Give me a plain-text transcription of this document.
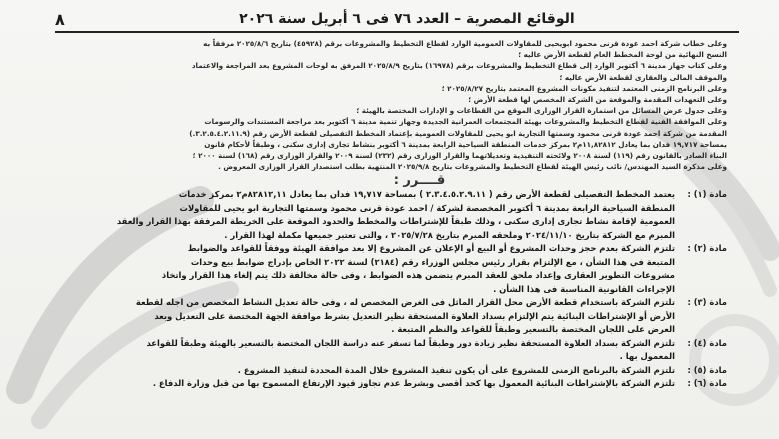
٨	الوقائع المصرية – العدد ٧٦ فى ٦ أبريل سنة ٢٠٢٦
وعلى خطاب شركة احمد عودة قرنى محمود ابويحيى للمقاولات العمومية الوارد لقطاع التخطيط والمشروعات برقم (٤٥٩٢٨) بتاريخ ٢٠٢٥/٨/٦ مرفقاً به
النسخ النهائية من لوحة المخطط العام لقطعة الأرض عاليه ؛
وعلى كتاب جهاز مدينة ٦ أكتوبر الوارد إلى قطاع التخطيط والمشروعات برقم (١٦٩٧٨) بتاريخ ٢٠٢٥/٨/٩ المرفق به لوحات المشروع بعد المراجعة والاعتماد
والموقف المالى والعقارى لقطعة الأرض عاليه ؛
وعلى البرنامج الزمنى المعتمد لتنفيذ مكونات المشروع المعتمد بتاريخ ٢٠٢٥/٨/٢٧ ؛
وعلى التعهدات المقدمة والموقعة من الشركة المخصص لها قطعة الأرض ؛
وعلى جدول عرض المسائل من استمارة القرار الوزارى الموقع من القطاعات و الإدارات المختصة بالهيئة ؛
وعلى الموافقة الفنية لقطاع التخطيط والمشروعات بهيئة المجتمعات العمرانية الجديدة وجهاز تنمية مدينة ٦ أكتوبر بعد مراجعة المستندات والرسومات
المقدمة من شركة احمد عودة قرنى محمود وسمتها التجارية ابو يحيى للمقاولات العمومية بإعتماد المخطط التفصيلى لقطعة الأرض رقم (٣.٢.٥.٤.٢.١١.٩.)
بمساحة ١٩,٧١٧ فدان بما يعادل ١١,٨٢٨١٢م٢ بمركز خدمات المنطقة السياحية الرابعة بمدينة ٦ أكتوبر بنشاط تجارى إدارى سكنى ، وطبقاً لأحكام قانون
البناء الصادر بالقانون رقم (١١٩) لسنة ٢٠٠٨ ولائحته التنفيذية وتعديلاتهما والقرار الوزارى رقم (٢٣٢) لسنة ٢٠٠٩ والقرار الوزارى رقم (١٦٨) لسنة ٢٠٠٠ ؛
وعلى مذكرة السيد المهندس/ نائب رئيس الهيئة لقطاع التخطيط والمشروعات بتاريخ ٢٠٢٥/٩/٨ المنتهية بطلب استصدار القرار الوزارى المعروض .
قــــرر :
مادة (١) :
يعتمد المخطط التفصيلى لقطعة الأرض رقم ( ٢.٣.٤.٥.٢.٩.١١ ) بمساحة ١٩,٧١٧ فدان بما يعادل ٨٢٨١٢,١١م٢ بمركز خدمات
المنطقة السياحية الرابعة بمدينة ٦ أكتوبر المخصصة لشركة / احمد عودة قرنى محمود وسمتها التجارية ابو يحيى للمقاولات
العمومية لإقامة نشاط تجارى إدارى سكنى ، وذلك طبقاً للإشتراطات والمخطط والحدود الموقعة على الخريطة المرفقة بهذا القرار والعقد
المبرم مع الشركة بتاريخ ٢٠٢٤/١١/١٠ وملحقه المبرم بتاريخ ٢٠٢٥/٧/٢٨ ، والتى تعتبر جميعها مكملة لهذا القرار .
مادة (٢) :
تلتزم الشركة بعدم حجز وحدات المشروع أو البيع أو الإعلان عن المشروع إلا بعد موافقة الهيئة ووفقاً للقواعد والضوابط
المتبعة في هذا الشأن ، مع الإلتزام بقرار رئيس مجلس الوزراء رقم (٢١٨٤) لسنة ٢٠٢٢ الخاص بإدراج ضوابط بيع وحدات
مشروعات التطوير العقارى وإعداد ملحق للعقد المبرم يتضمن هذه الضوابط ، وفى حالة مخالفة ذلك يتم إلغاء هذا القرار واتخاذ
الإجراءات القانونية المناسبة فى هذا الشأن .
مادة (٣) :
تلتزم الشركة باستخدام قطعة الأرض محل القرار الماثل فى الغرض المخصص له ، وفى حالة تعديل النشاط المخصص من اجله لقطعة
الأرض أو الإشتراطات البنائية يتم الإلتزام بسداد العلاوة المستحقة نظير التعديل بشرط موافقة الجهة المختصة على التعديل وبعد
العرض على اللجان المختصة بالتسعير وطبقاً للقواعد والنظم المتبعة .
مادة (٤) :
تلتزم الشركة بسداد العلاوة المستحقة نظير زيادة دور وطبقاً لما تسفر عنه دراسة اللجان المختصة بالتسعير بالهيئة وطبقاً للقواعد
المعمول بها .
مادة (٥) :
تلتزم الشركة بالبرنامج الزمنى للمشروع على أن يكون تنفيذ المشروع خلال المدة المحددة لتنفيذ المشروع .
مادة (٦) :
تلتزم الشركة بالإشتراطات البنائية المعمول بها كحد أقصى وبشرط عدم تجاوز قيود الإرتفاع المسموح بها من قبل وزارة الدفاع .
